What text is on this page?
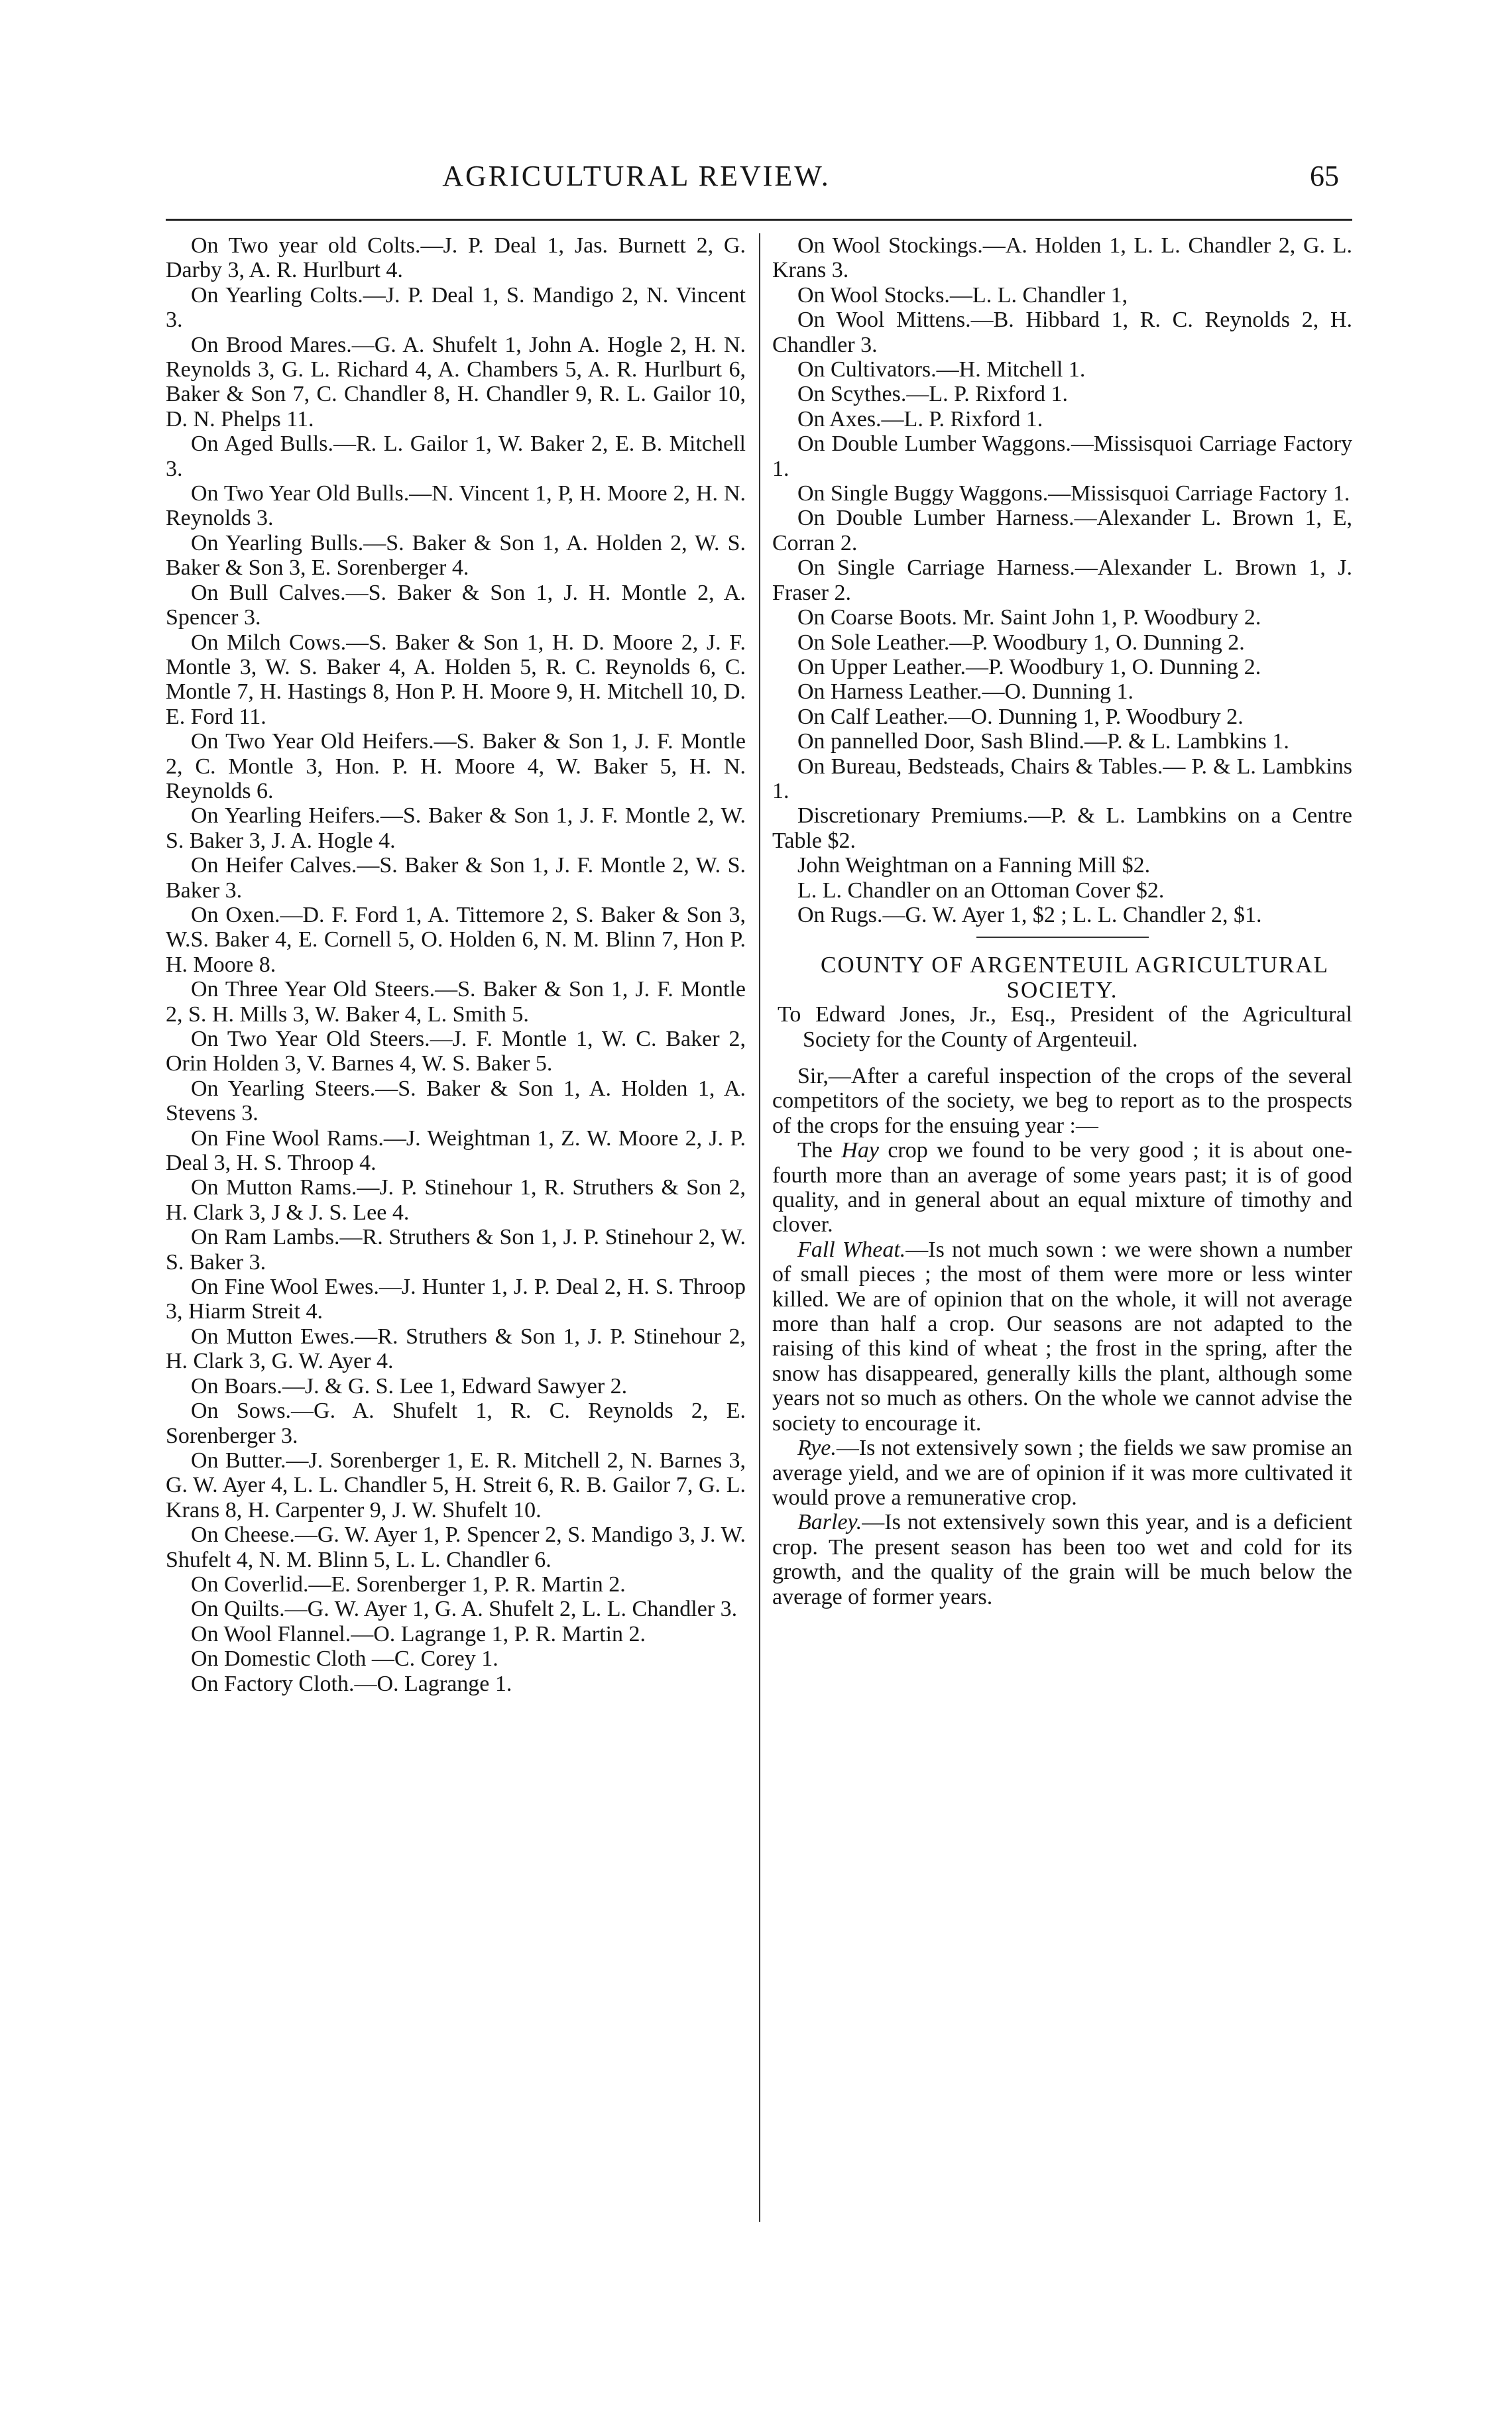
AGRICULTURAL REVIEW.	65

On Two year old Colts.—J. P. Deal 1, Jas. Burnett 2, G. Darby 3, A. R. Hurlburt 4.

On Yearling Colts.—J. P. Deal 1, S. Mandigo 2, N. Vincent 3.

On Brood Mares.—G. A. Shufelt 1, John A. Hogle 2, H. N. Reynolds 3, G. L. Richard 4, A. Chambers 5, A. R. Hurlburt 6, Baker & Son 7, C. Chandler 8, H. Chandler 9, R. L. Gailor 10, D. N. Phelps 11.

On Aged Bulls.—R. L. Gailor 1, W. Baker 2, E. B. Mitchell 3.

On Two Year Old Bulls.—N. Vincent 1, P, H. Moore 2, H. N. Reynolds 3.

On Yearling Bulls.—S. Baker & Son 1, A. Holden 2, W. S. Baker & Son 3, E. Sorenberger 4.

On Bull Calves.—S. Baker & Son 1, J. H. Montle 2, A. Spencer 3.

On Milch Cows.—S. Baker & Son 1, H. D. Moore 2, J. F. Montle 3, W. S. Baker 4, A. Holden 5, R. C. Reynolds 6, C. Montle 7, H. Hastings 8, Hon P. H. Moore 9, H. Mitchell 10, D. E. Ford 11.

On Two Year Old Heifers.—S. Baker & Son 1, J. F. Montle 2, C. Montle 3, Hon. P. H. Moore 4, W. Baker 5, H. N. Reynolds 6.

On Yearling Heifers.—S. Baker & Son 1, J. F. Montle 2, W. S. Baker 3, J. A. Hogle 4.

On Heifer Calves.—S. Baker & Son 1, J. F. Montle 2, W. S. Baker 3.

On Oxen.—D. F. Ford 1, A. Tittemore 2, S. Baker & Son 3, W.S. Baker 4, E. Cornell 5, O. Holden 6, N. M. Blinn 7, Hon P. H. Moore 8.

On Three Year Old Steers.—S. Baker & Son 1, J. F. Montle 2, S. H. Mills 3, W. Baker 4, L. Smith 5.

On Two Year Old Steers.—J. F. Montle 1, W. C. Baker 2, Orin Holden 3, V. Barnes 4, W. S. Baker 5.

On Yearling Steers.—S. Baker & Son 1, A. Holden 1, A. Stevens 3.

On Fine Wool Rams.—J. Weightman 1, Z. W. Moore 2, J. P. Deal 3, H. S. Throop 4.

On Mutton Rams.—J. P. Stinehour 1, R. Struthers & Son 2, H. Clark 3, J & J. S. Lee 4.

On Ram Lambs.—R. Struthers & Son 1, J. P. Stinehour 2, W. S. Baker 3.

On Fine Wool Ewes.—J. Hunter 1, J. P. Deal 2, H. S. Throop 3, Hiarm Streit 4.

On Mutton Ewes.—R. Struthers & Son 1, J. P. Stinehour 2, H. Clark 3, G. W. Ayer 4.

On Boars.—J. & G. S. Lee 1, Edward Sawyer 2.

On Sows.—G. A. Shufelt 1, R. C. Reynolds 2, E. Sorenberger 3.

On Butter.—J. Sorenberger 1, E. R. Mitchell 2, N. Barnes 3, G. W. Ayer 4, L. L. Chandler 5, H. Streit 6, R. B. Gailor 7, G. L. Krans 8, H. Carpenter 9, J. W. Shufelt 10.

On Cheese.—G. W. Ayer 1, P. Spencer 2, S. Mandigo 3, J. W. Shufelt 4, N. M. Blinn 5, L. L. Chandler 6.

On Coverlid.—E. Sorenberger 1, P. R. Martin 2.

On Quilts.—G. W. Ayer 1, G. A. Shufelt 2, L. L. Chandler 3.

On Wool Flannel.—O. Lagrange 1, P. R. Martin 2.

On Domestic Cloth —C. Corey 1.

On Factory Cloth.—O. Lagrange 1.

On Wool Stockings.—A. Holden 1, L. L. Chandler 2, G. L. Krans 3.

On Wool Stocks.—L. L. Chandler 1,

On Wool Mittens.—B. Hibbard 1, R. C. Reynolds 2, H. Chandler 3.

On Cultivators.—H. Mitchell 1.

On Scythes.—L. P. Rixford 1.

On Axes.—L. P. Rixford 1.

On Double Lumber Waggons.—Missisquoi Carriage Factory 1.

On Single Buggy Waggons.—Missisquoi Carriage Factory 1.

On Double Lumber Harness.—Alexander L. Brown 1, E, Corran 2.

On Single Carriage Harness.—Alexander L. Brown 1, J. Fraser 2.

On Coarse Boots. Mr. Saint John 1, P. Woodbury 2.

On Sole Leather.—P. Woodbury 1, O. Dunning 2.

On Upper Leather.—P. Woodbury 1, O. Dunning 2.

On Harness Leather.—O. Dunning 1.

On Calf Leather.—O. Dunning 1, P. Woodbury 2.

On pannelled Door, Sash Blind.—P. & L. Lambkins 1.

On Bureau, Bedsteads, Chairs & Tables.— P. & L. Lambkins 1.

Discretionary Premiums.—P. & L. Lambkins on a Centre Table $2.

John Weightman on a Fanning Mill $2.

L. L. Chandler on an Ottoman Cover $2.

On Rugs.—G. W. Ayer 1, $2 ; L. L. Chandler 2, $1.

COUNTY OF ARGENTEUIL AGRICULTURAL SOCIETY.

To Edward Jones, Jr., Esq., President of the Agricultural Society for the County of Argenteuil.

Sir,—After a careful inspection of the crops of the several competitors of the society, we beg to report as to the prospects of the crops for the ensuing year :—

The Hay crop we found to be very good ; it is about one-fourth more than an average of some years past; it is of good quality, and in general about an equal mixture of timothy and clover.

Fall Wheat.—Is not much sown : we were shown a number of small pieces ; the most of them were more or less winter killed. We are of opinion that on the whole, it will not average more than half a crop. Our seasons are not adapted to the raising of this kind of wheat ; the frost in the spring, after the snow has disappeared, generally kills the plant, although some years not so much as others. On the whole we cannot advise the society to encourage it.

Rye.—Is not extensively sown ; the fields we saw promise an average yield, and we are of opinion if it was more cultivated it would prove a remunerative crop.

Barley.—Is not extensively sown this year, and is a deficient crop. The present season has been too wet and cold for its growth, and the quality of the grain will be much below the average of former years.
